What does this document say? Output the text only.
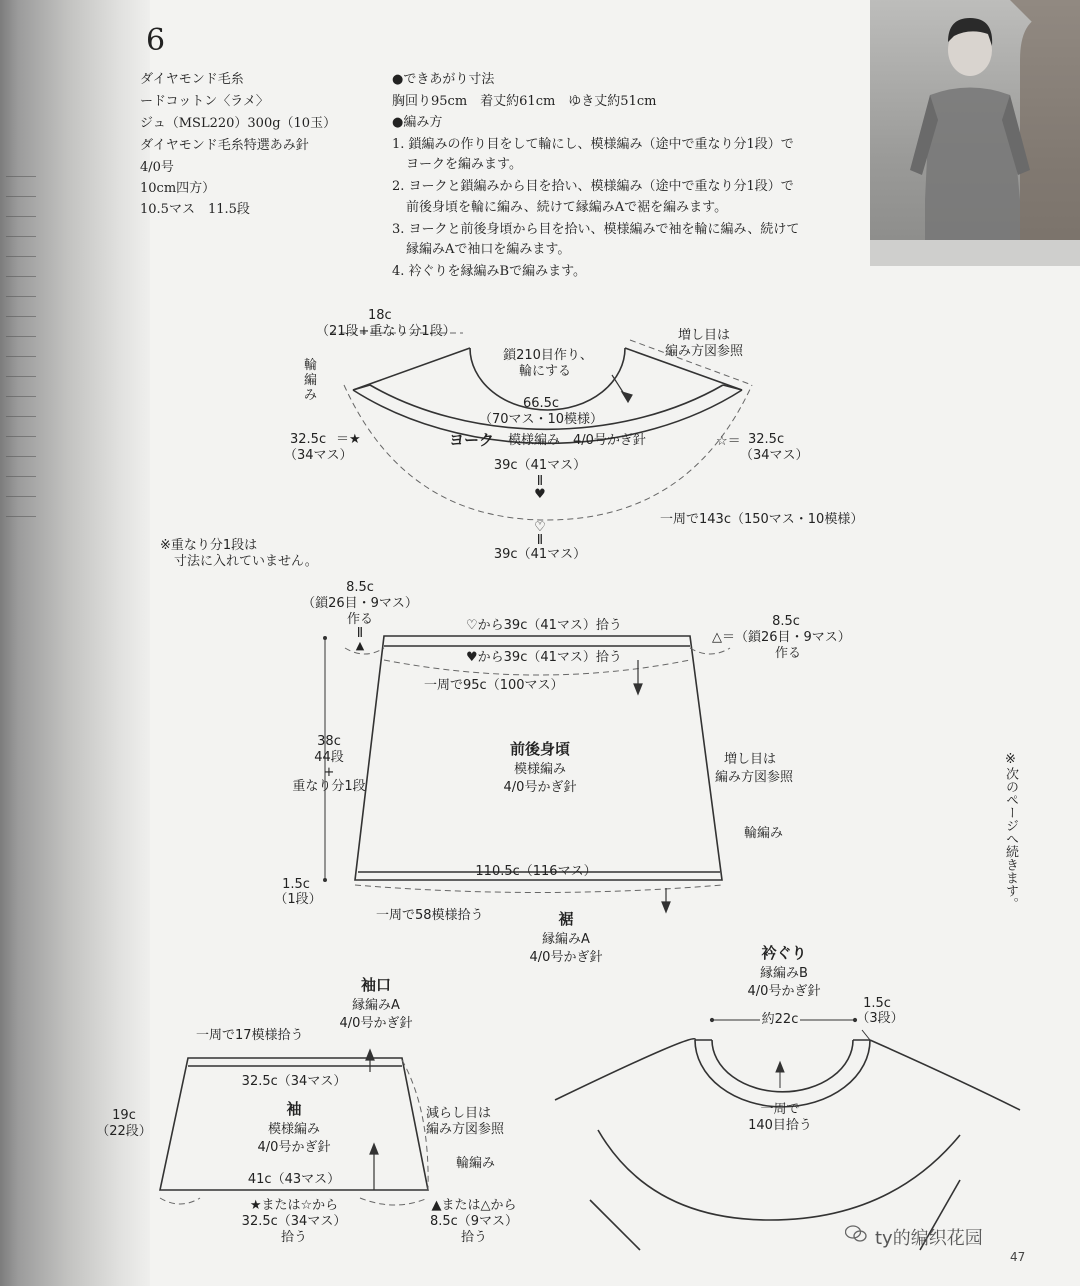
6
ダイヤモンド毛糸
ードコットン〈ラメ〉
ジュ（MSL220）300g（10玉）
ダイヤモンド毛糸特選あみ針
4/0号
10cm四方）
10.5マス　11.5段
●できあがり寸法
胸回り95cm　着丈約61cm　ゆき丈約51cm
●編み方
1. 鎖編みの作り目をして輪にし、模様編み（途中で重なり分1段）で
ヨークを編みます。
2. ヨークと鎖編みから目を拾い、模様編み（途中で重なり分1段）で
前後身頃を輪に編み、続けて縁編みAで裾を編みます。
3. ヨークと前後身頃から目を拾い、模様編みで袖を輪に編み、続けて
縁編みAで袖口を編みます。
4. 衿ぐりを縁編みBで編みます。
18c
（21段+重なり分1段）
輪
編
み
鎖210目作り、
輪にする
増し目は
編み方図参照
66.5c
（70マス・10模様）
ヨーク 模様編み　4/0号かぎ針
32.5c ＝★
（34マス）
☆＝ 32.5c
（34マス）
39c（41マス）
Ⅱ
♥
一周で143c（150マス・10模様）
♡
Ⅱ
39c（41マス）
※重なり分1段は
寸法に入れていません。
8.5c
（鎖26目・9マス）
作る
Ⅱ
▲
♡から39c（41マス）拾う
♥から39c（41マス）拾う
8.5c
△＝（鎖26目・9マス）
作る
一周で95c（100マス）
38c
44段
+
重なり分1段
前後身頃
模様編み
4/0号かぎ針
増し目は
編み方図参照
輪編み
110.5c（116マス）
1.5c
（1段）
一周で58模様拾う	裾
縁編みA
4/0号かぎ針
※次のページへ続きます。
袖口
縁編みA
4/0号かぎ針
一周で17模様拾う
32.5c（34マス）
19c
（22段）
袖
模様編み
4/0号かぎ針
減らし目は
編み方図参照
輪編み
41c（43マス）
★または☆から
32.5c（34マス）
拾う
▲または△から
8.5c（9マス）
拾う
衿ぐり
縁編みB
4/0号かぎ針
約22c
1.5c
（3段）
一周で
140目拾う
ty的编织花园
47
